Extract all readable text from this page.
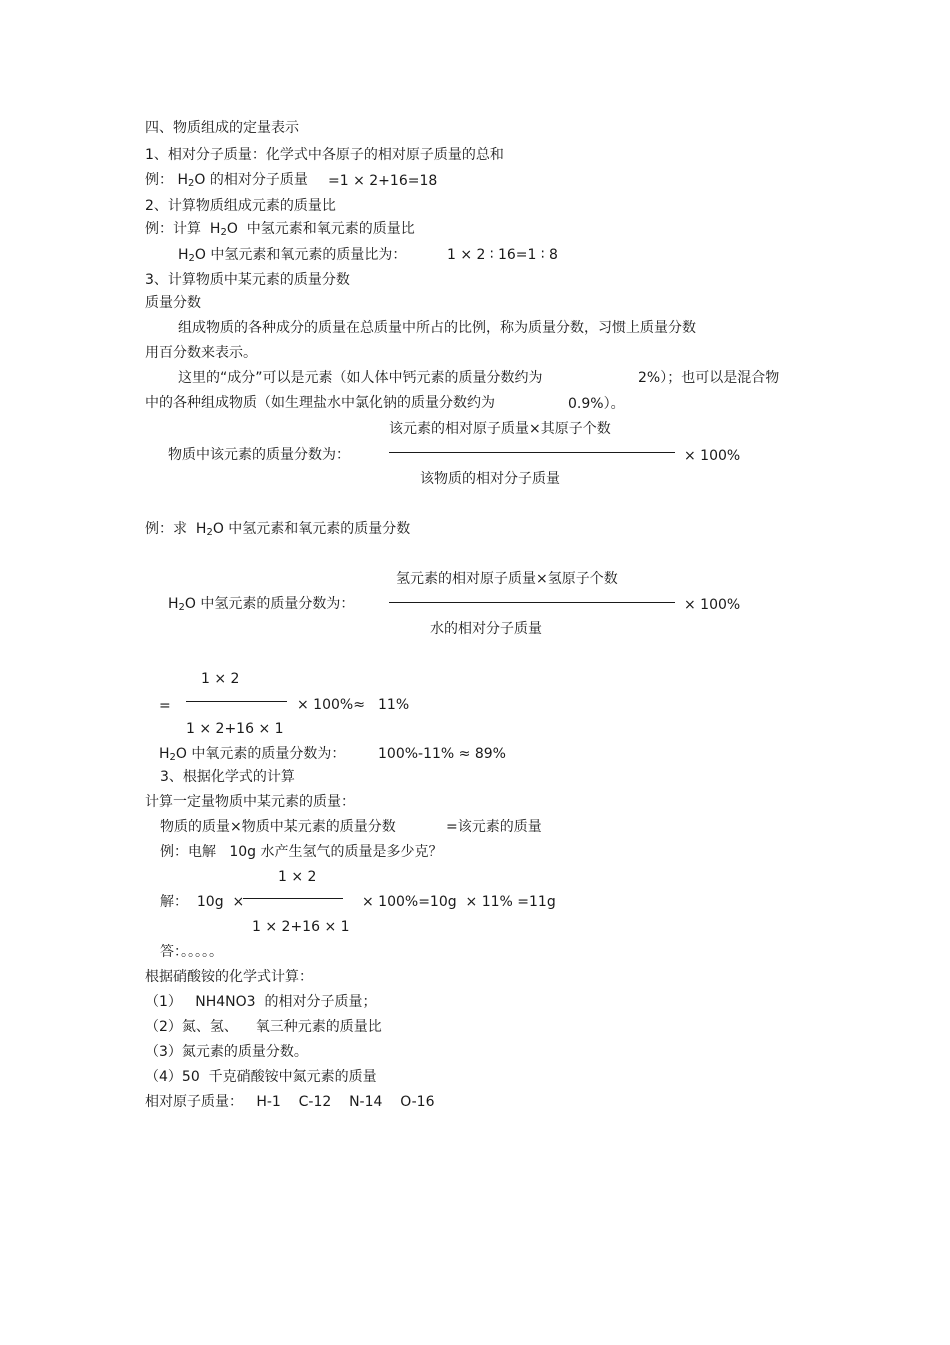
四、物质组成的定量表示
1、相对分子质量：化学式中各原子的相对原子质量的总和
例： $H_2O$ 的相对分子质量 =1 × 2+16=18
2、计算物质组成元素的质量比
例：计算  $H_2O$  中氢元素和氧元素的质量比
$H_2O$ 中氢元素和氧元素的质量比为：	1 × 2 ∶ 16=1 ∶ 8
3、计算物质中某元素的质量分数
质量分数
组成物质的各种成分的质量在总质量中所占的比例，称为质量分数，习惯上质量分数
用百分数来表示。
这里的“成分”可以是元素（如人体中钙元素的质量分数约为	2%）；也可以是混合物
中的各种组成物质（如生理盐水中氯化钠的质量分数约为	0.9%）。
该元素的相对原子质量×其原子个数
物质中该元素的质量分数为：	× 100%
该物质的相对分子质量
例：求  $H_2O$ 中氢元素和氧元素的质量分数
氢元素的相对原子质量×氢原子个数
$H_2O$ 中氢元素的质量分数为：	× 100%
水的相对分子质量
1 × 2
=	× 100%≈ 11%
1 × 2+16 × 1
$H_2O$ 中氧元素的质量分数为： 100%-11% ≈ 89%
3、根据化学式的计算
计算一定量物质中某元素的质量：
物质的质量×物质中某元素的质量分数	=该元素的质量
例：电解   10g 水产生氢气的质量是多少克？
1 × 2
解：  10g  ×	× 100%=10g  × 11% =11g
1 × 2+16 × 1
答：。。。。。
根据硝酸铵的化学式计算：
（1）   NH4NO3  的相对分子质量；
（2）氮、氢、    氧三种元素的质量比
（3）氮元素的质量分数。
（4）50  千克硝酸铵中氮元素的质量
相对原子质量：   H-1    C-12    N-14    O-16
